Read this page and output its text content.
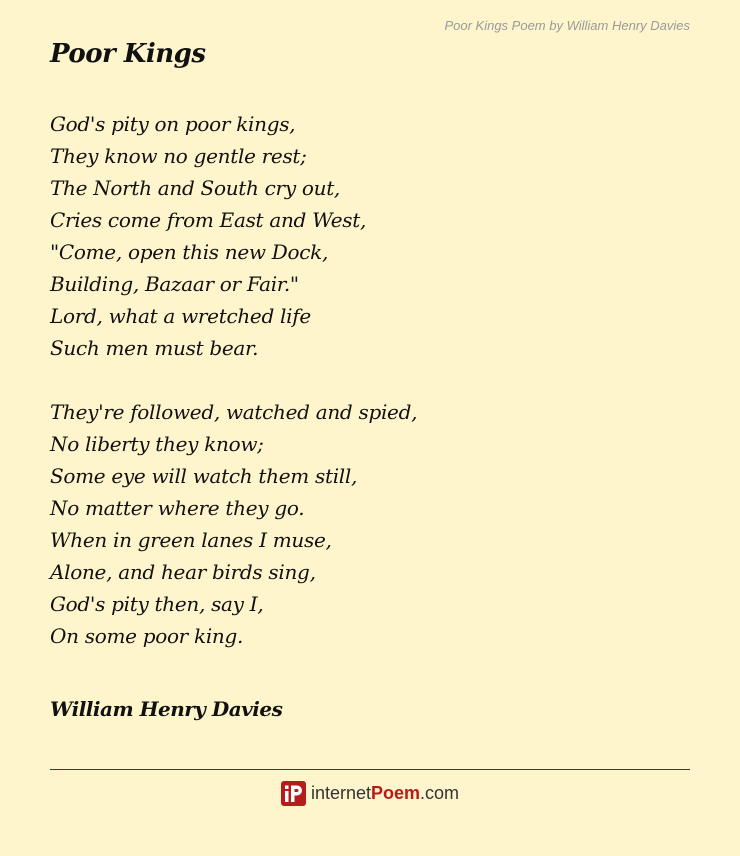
Poor Kings Poem by William Henry Davies
Poor Kings
God's pity on poor kings,
They know no gentle rest;
The North and South cry out,
Cries come from East and West,
"Come, open this new Dock,
Building, Bazaar or Fair."
Lord, what a wretched life
Such men must bear.
They're followed, watched and spied,
No liberty they know;
Some eye will watch them still,
No matter where they go.
When in green lanes I muse,
Alone, and hear birds sing,
God's pity then, say I,
On some poor king.
William Henry Davies
internetPoem.com
